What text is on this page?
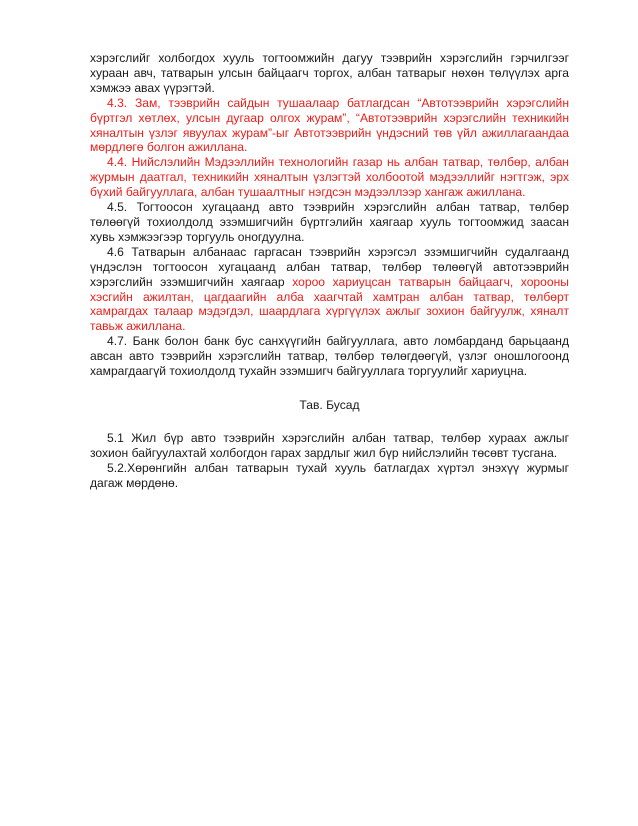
хэрэгслийг холбогдох хууль тогтоомжийн дагуу тээврийн хэрэгслийн гэрчилгээг хураан авч, татварын улсын байцаагч торгох, албан татварыг нөхөн төлүүлэх арга хэмжээ авах үүрэгтэй.

4.3. Зам, тээврийн сайдын тушаалаар батлагдсан “Автотээврийн хэрэгслийн бүртгэл хөтлөх, улсын дугаар олгох журам”, “Автотээврийн хэрэгслийн техникийн хяналтын үзлэг явуулах журам”-ыг Автотээврийн үндэсний төв үйл ажиллагаандаа мөрдлөгө болгон ажиллана.

4.4. Нийслэлийн Мэдээллийн технологийн газар нь албан татвар, төлбөр, албан журмын даатгал, техникийн хяналтын үзлэгтэй холбоотой мэдээллийг нэгтгэж, эрх бүхий байгууллага, албан тушаалтныг нэгдсэн мэдээллээр хангаж ажиллана.

4.5. Тогтоосон хугацаанд авто тээврийн хэрэгслийн албан татвар, төлбөр төлөөгүй тохиолдолд эзэмшигчийн бүртгэлийн хаягаар хууль тогтоомжид заасан хувь хэмжээгээр торгууль оногдуулна.

4.6 Татварын албанаас гаргасан тээврийн хэрэгсэл эзэмшигчийн судалгаанд үндэслэн тогтоосон хугацаанд албан татвар, төлбөр төлөөгүй автотээврийн хэрэгслийн эзэмшигчийн хаягаар хороо хариуцсан татварын байцаагч, хорооны хэсгийн ажилтан, цагдаагийн алба хаагчтай хамтран албан татвар, төлбөрт хамрагдах талаар мэдэгдэл, шаардлага хүргүүлэх ажлыг зохион байгуулж, хяналт тавьж ажиллана.

4.7. Банк болон банк бус санхүүгийн байгууллага, авто ломбарданд барьцаанд авсан авто тээврийн хэрэгслийн татвар, төлбөр төлөгдөөгүй, үзлэг оношлогоонд хамрагдаагүй тохиолдолд тухайн эзэмшигч байгууллага торгуулийг хариуцна.

Тав. Бусад

5.1 Жил бүр авто тээврийн хэрэгслийн албан татвар, төлбөр хураах ажлыг зохион байгуулахтай холбогдон гарах зардлыг жил бүр нийслэлийн төсөвт тусгана.

5.2.Хөрөнгийн албан татварын тухай хууль батлагдах хүртэл энэхүү журмыг дагаж мөрдөнө.
